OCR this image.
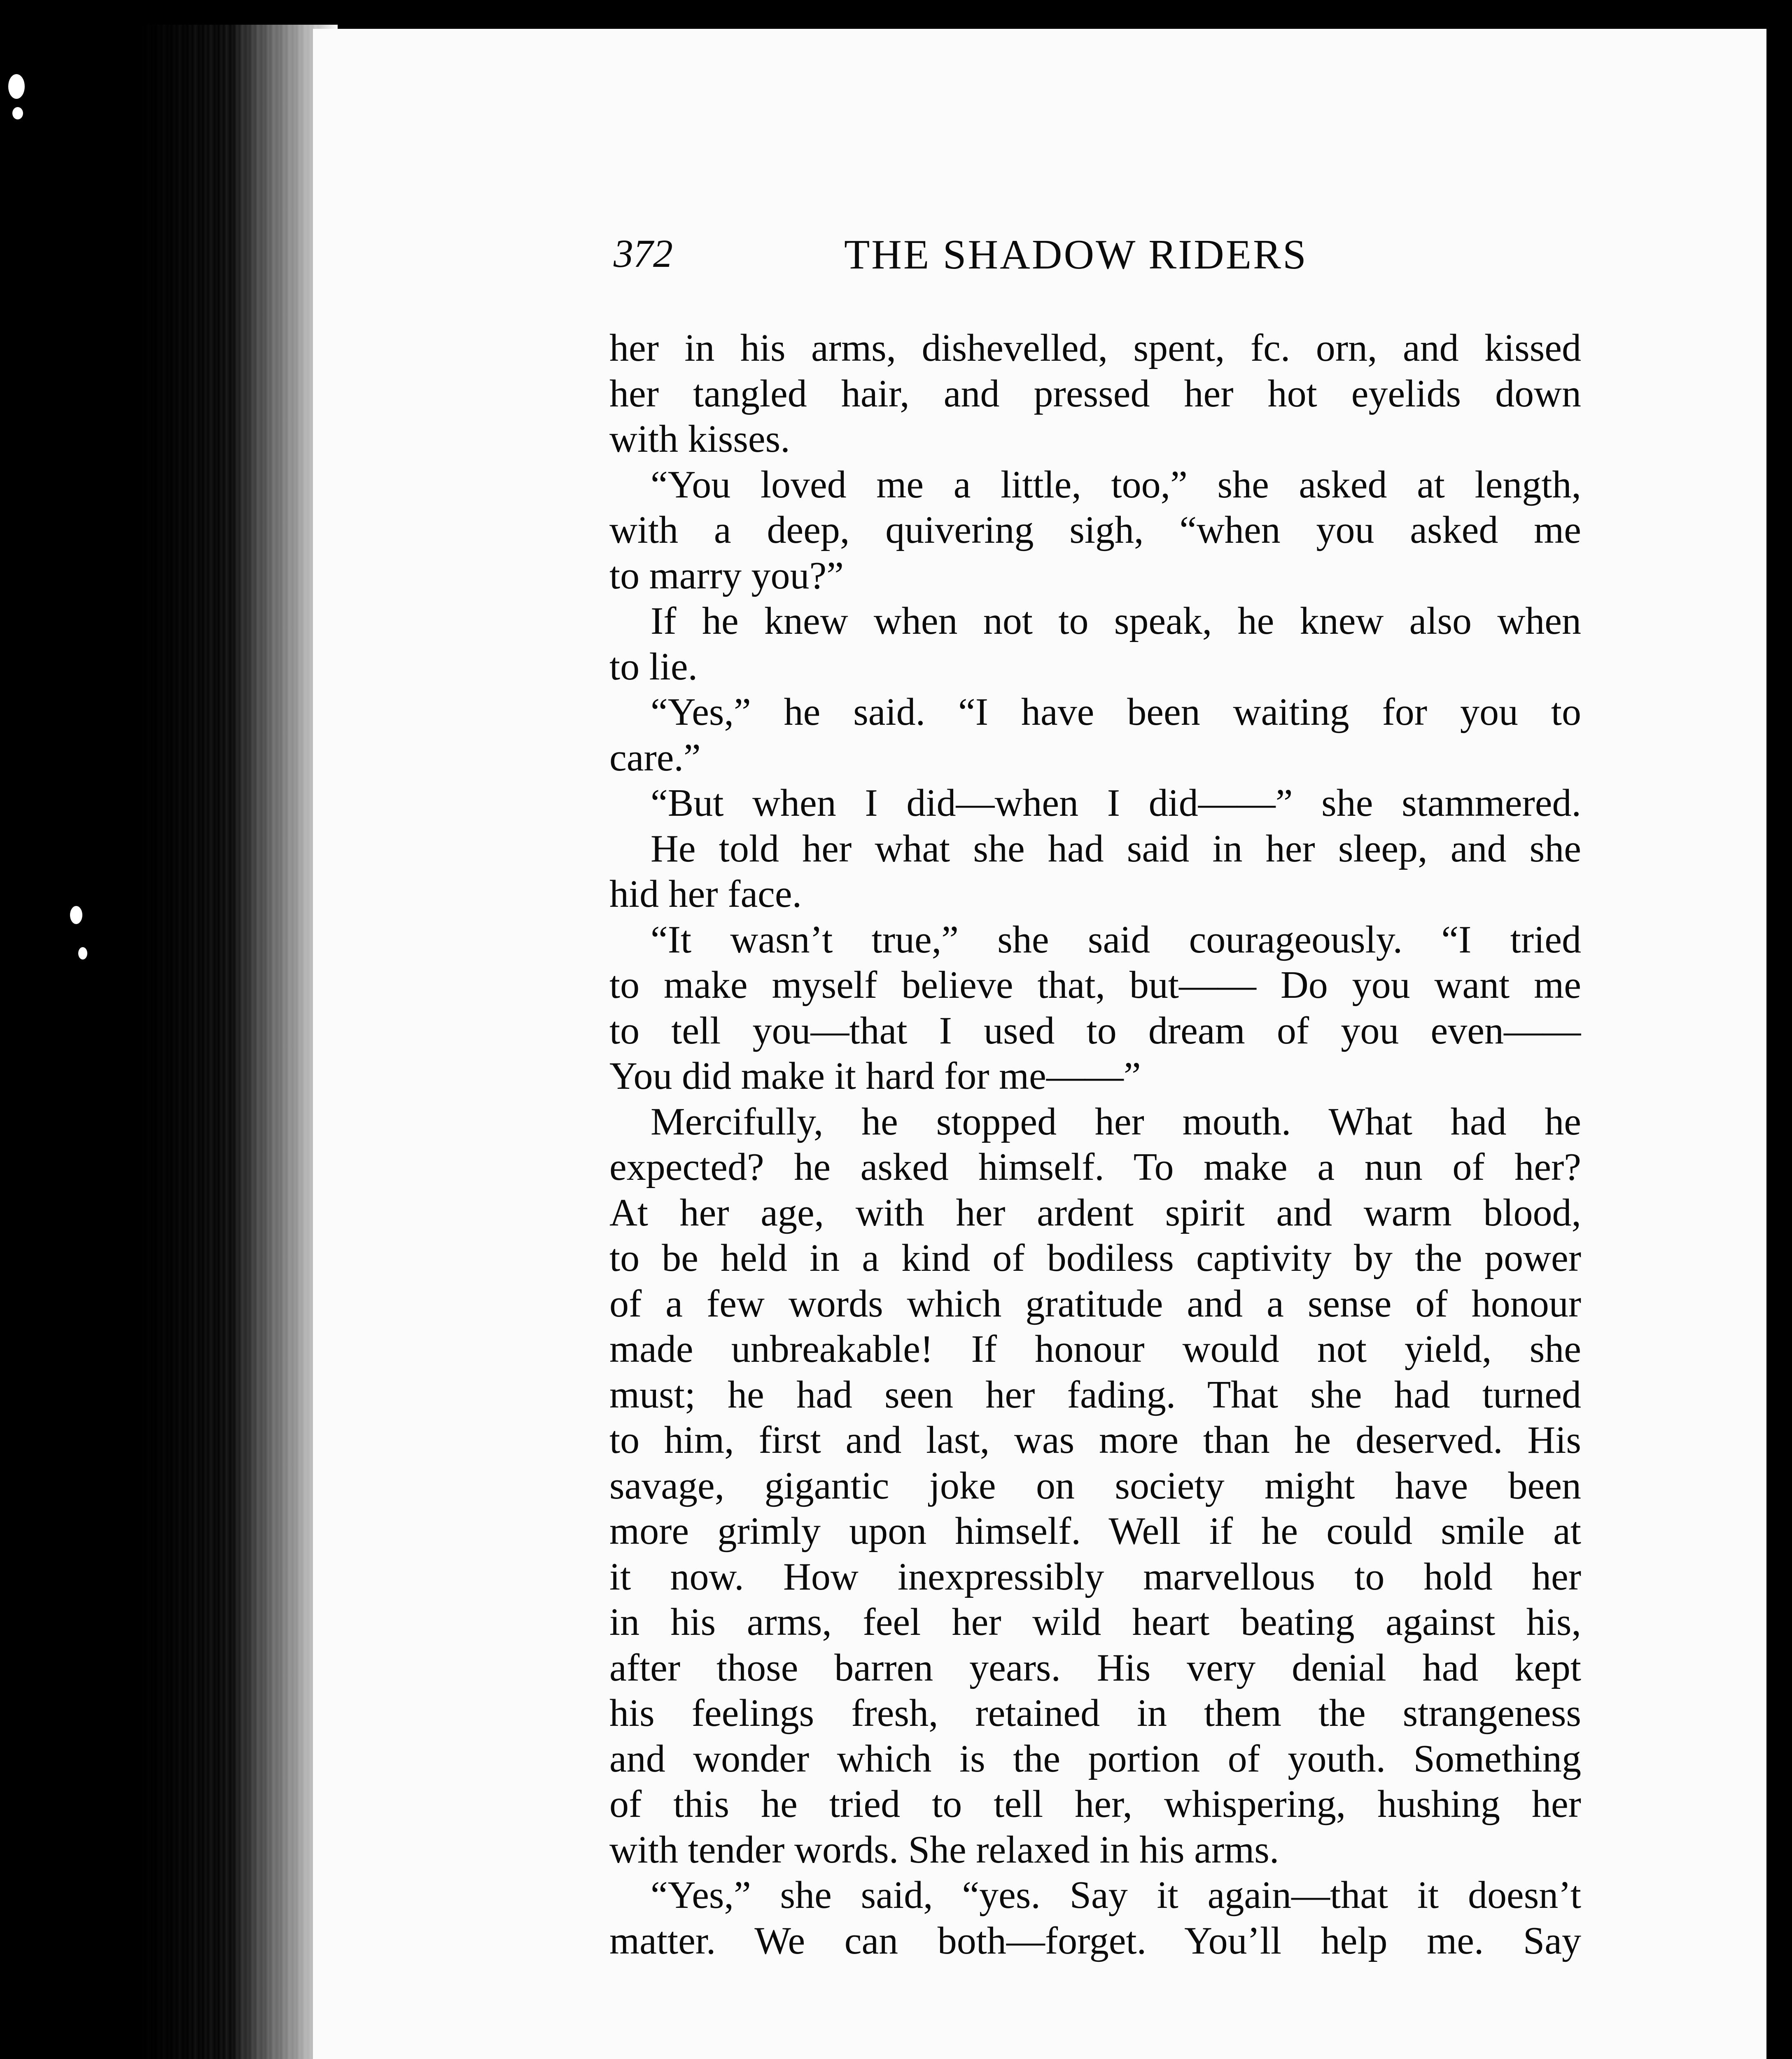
372	THE SHADOW RIDERS
her in his arms, dishevelled, spent, fc. orn, and kissed
her tangled hair, and pressed her hot eyelids down
with kisses.
“You loved me a little, too,” she asked at length,
with a deep, quivering sigh, “when you asked me
to marry you?”
If he knew when not to speak, he knew also when
to lie.
“Yes,” he said. “I have been waiting for you to
care.”
“But when I did—when I did——” she stammered.
He told her what she had said in her sleep, and she
hid her face.
“It wasn’t true,” she said courageously. “I tried
to make myself believe that, but—— Do you want me
to tell you—that I used to dream of you even——
You did make it hard for me——”
Mercifully, he stopped her mouth. What had he
expected? he asked himself. To make a nun of her?
At her age, with her ardent spirit and warm blood,
to be held in a kind of bodiless captivity by the power
of a few words which gratitude and a sense of honour
made unbreakable! If honour would not yield, she
must; he had seen her fading. That she had turned
to him, first and last, was more than he deserved. His
savage, gigantic joke on society might have been
more grimly upon himself. Well if he could smile at
it now. How inexpressibly marvellous to hold her
in his arms, feel her wild heart beating against his,
after those barren years. His very denial had kept
his feelings fresh, retained in them the strangeness
and wonder which is the portion of youth. Something
of this he tried to tell her, whispering, hushing her
with tender words. She relaxed in his arms.
“Yes,” she said, “yes. Say it again—that it doesn’t
matter. We can both—forget. You’ll help me. Say
